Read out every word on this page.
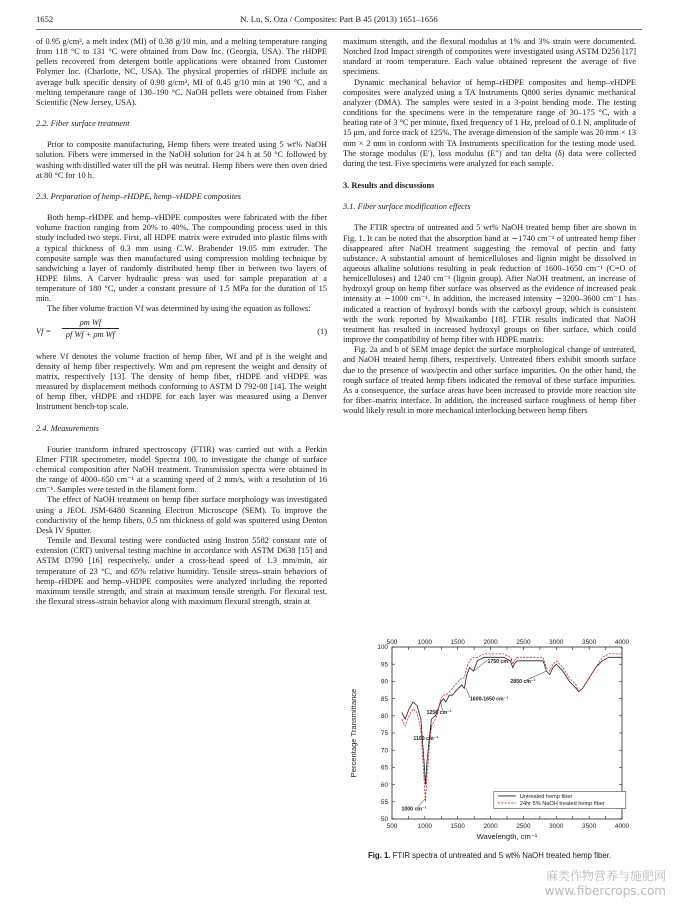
1652	N. Lu, S. Oza / Composites: Part B 45 (2013) 1651–1656

of 0.95 g/cm³, a melt index (MI) of 0.38 g/10 min, and a melting temperature ranging from 118 °C to 131 °C were obtained from Dow Inc. (Georgia, USA). The rHDPE pellets recovered from detergent bottle applications were obtained from Customer Polymer Inc. (Charlotte, NC, USA). The physical properties of rHDPE include an average bulk specific density of 0.98 g/cm³, MI of 0.45 g/10 min at 190 °C, and a melting temperature range of 130–190 °C. NaOH pellets were obtained from Fisher Scientific (New Jersey, USA).

2.2. Fiber surface treatment

Prior to composite manufacturing, Hemp fibers were treated using 5 wt% NaOH solution. Fibers were immersed in the NaOH solution for 24 h at 50 °C followed by washing with distilled water till the pH was neutral. Hemp fibers were then oven dried at 80 °C for 10 h.

2.3. Preparation of hemp–rHDPE, hemp–vHDPE composites

Both hemp–rHDPE and hemp–vHDPE composites were fabricated with the fiber volume fraction ranging from 20% to 40%. The compounding process used in this study included two steps. First, all HDPE matrix were extruded into plastic films with a typical thickness of 0.3 mm using C.W. Brabender 19.05 mm extruder. The composite sample was then manufactured using compression molding technique by sandwiching a layer of randomly distributed hemp fiber in between two layers of HDPE films. A Carver hydraulic press was used for sample preparation at a temperature of 180 °C, under a constant pressure of 1.5 MPa for the duration of 15 min.

The fiber volume fraction Vf was determined by using the equation as follows:

$Vf = \frac{\text{ρm Wf}}{\text{ρf Wf + ρm Wf}}$	(1)

where Vf denotes the volume fraction of hemp fiber, Wf and ρf is the weight and density of hemp fiber respectively. Wm and ρm represent the weight and density of matrix, respectively [13]. The density of hemp fiber, rHDPE and vHDPE was measured by displacement methods conforming to ASTM D 792-08 [14]. The weight of hemp fiber, vHDPE and rHDPE for each layer was measured using a Denver Instrument bench-top scale.

2.4. Measurements

Fourier transform infrared spectroscopy (FTIR) was carried out with a Perkin Elmer FTIR spectrometer, model Spectra 100, to investigate the change of surface chemical composition after NaOH treatment. Transmission spectra were obtained in the range of 4000–650 cm⁻¹ at a scanning speed of 2 mm/s, with a resolution of 16 cm⁻¹. Samples were tested in the filament form.

The effect of NaOH treatment on hemp fiber surface morphology was investigated using a JEOL JSM-6480 Scanning Electron Microscope (SEM). To improve the conductivity of the hemp fibers, 0.5 nm thickness of gold was sputtered using Denton Desk IV Sputter.

Tensile and flexural testing were conducted using Instron 5582 constant rate of extension (CRT) universal testing machine in accordance with ASTM D638 [15] and ASTM D790 [16] respectively, under a cross-head speed of 1.3 mm/min, air temperature of 23 °C, and 65% relative humidity. Tensile stress–strain behaviors of hemp–rHDPE and hemp–vHDPE composites were analyzed including the reported maximum tensile strength, and strain at maximum tensile strength. For flexural test, the flexural stress–strain behavior along with maximum flexural strength, strain at

maximum strength, and the flexural modulus at 1% and 3% strain were documented. Notched Izod Impact strength of composites were investigated using ASTM D256 [17] standard at room temperature. Each value obtained represent the average of five specimens.

Dynamic mechanical behavior of hemp–rHDPE composites and hemp–vHDPE composites were analyzed using a TA Instruments Q800 series dynamic mechanical analyzer (DMA). The samples were tested in a 3-point bending mode. The testing conditions for the specimens were in the temperature range of 30–175 °C, with a heating rate of 3 °C per minute, fixed frequency of 1 Hz, preload of 0.1 N, amplitude of 15 μm, and force track of 125%. The average dimension of the sample was 20 mm × 13 mm × 2 mm in conform with TA Instruments specification for the testing mode used. The storage modulus (E′), loss modulus (E″) and tan delta (δ) data were collected during the test. Five specimens were analyzed for each sample.

3. Results and discussions
3.1. Fiber surface modification effects

The FTIR spectra of untreated and 5 wt% NaOH treated hemp fiber are shown in Fig. 1. It can be noted that the absorption band at ∼1740 cm⁻¹ of untreated hemp fiber disappeared after NaOH treatment suggesting the removal of pectin and fatty substance. A substantial amount of hemicelluloses and lignin might be dissolved in aqueous alkaline solutions resulting in peak reduction of 1600–1650 cm⁻¹ (C=O of hemicelluloses) and 1240 cm⁻¹ (lignin group). After NaOH treatment, an increase of hydroxyl group on hemp fiber surface was observed as the evidence of increased peak intensity at ∼1000 cm⁻¹. In addition, the increased intensity ∼3200–3600 cm⁻1 has indicated a reaction of hydroxyl bonds with the carboxyl group, which is consistent with the work reported by Mwaikambo [18]. FTIR results indicated that NaOH treatment has resulted in increased hydroxyl groups on fiber surface, which could improve the compatibility of hemp fiber with HDPE matrix.

Fig. 2a and b of SEM image depict the surface morphological change of untreated, and NaOH treated hemp fibers, respectively. Untreated fibers exhibit smooth surface due to the presence of wax/pectin and other surface impurities. On the other hand, the rough surface of treated hemp fibers indicated the removal of these surface impurities. As a consequence, the surface areas have been increased to provide more reaction site for fiber–matrix interface. In addition, the increased surface roughness of hemp fiber would likely result in more mechanical interlocking between hemp fibers

500
500
1000
1000
1500
1500
2000
2000
2500
2500
3000
3000
3500
3500
4000
4000
50
55
60
65
70
75
80
85
90
95
100
Wavelength, cm⁻¹
Percentage Transmittance
1750 cm⁻¹
2850 cm⁻¹
1600-1650 cm⁻¹
1250 cm⁻¹
1100 cm⁻¹
1000 cm⁻¹
Untreated hemp fiber
24hr 5% NaOH treated hemp fiber
Fig. 1. FTIR spectra of untreated and 5 wt% NaOH treated hemp fiber.
麻类作物营养与施肥网
www.fibercrops.com
